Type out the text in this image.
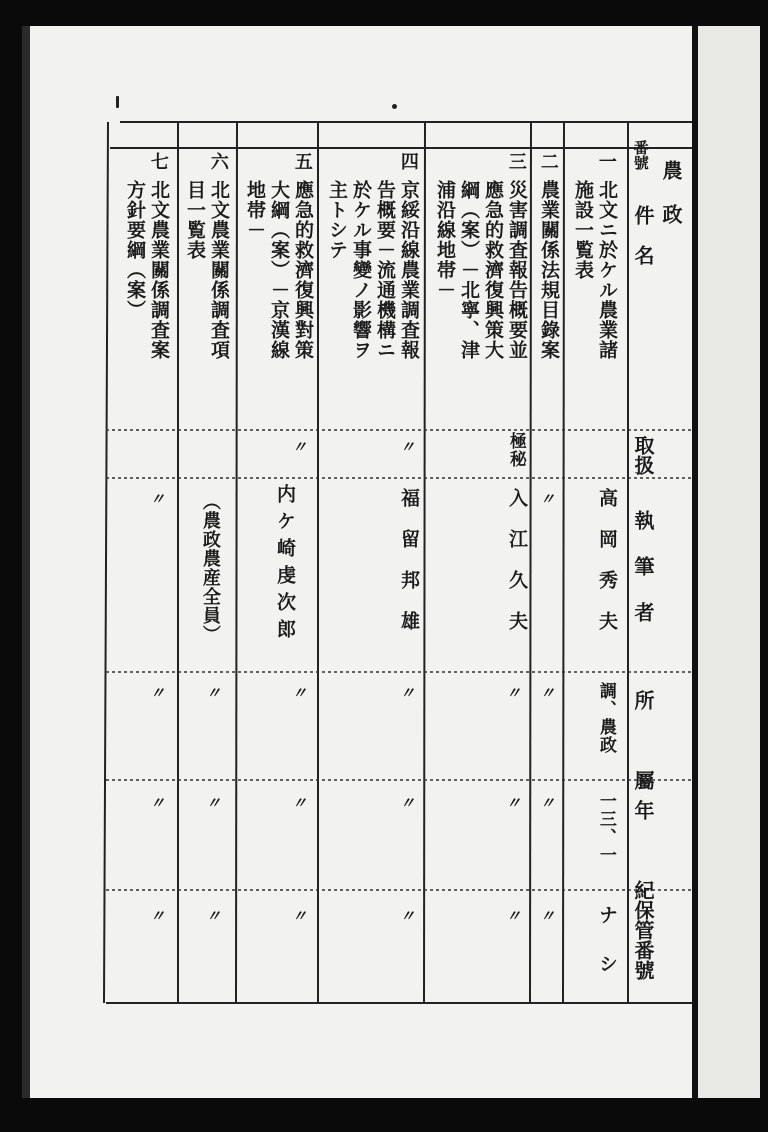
農 政
番號
件　名
取扱
執筆者
所　屬
年　紀
保管番號
一
北文ニ於ケル農業諸
施設一覧表
高岡秀夫
調、農政
一三、一
ナシ
二
農業關係法規目錄案
〃
〃
〃
〃
三
災害調査報告概要並
應急的救濟復興策大
綱（案）－北寧、津
浦沿線地帯－
極秘
入江久夫
〃
〃
〃
四
京綏沿線農業調査報
告概要－流通機構ニ
於ケル事變ノ影響ヲ
主トシテ
〃
福留邦雄
〃
〃
〃
五
應急的救濟復興對策
大綱（案）－京漢線
地帯－
〃
内ケ崎虔次郎
〃
〃
〃
六
北文農業關係調査項
目一覧表
（農政農産全員）
〃
〃
〃
七
北文農業關係調査案
方針要綱（案）
〃
〃
〃
〃
